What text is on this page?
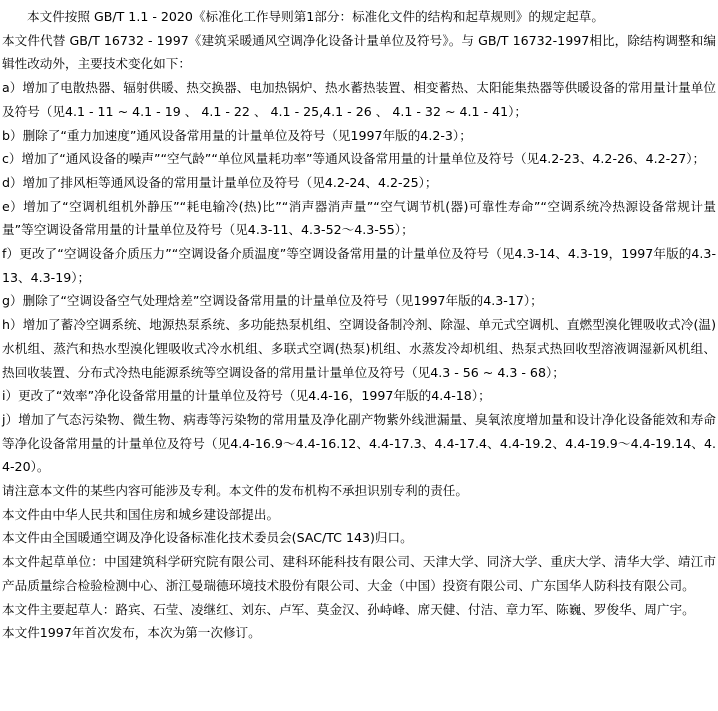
本文件按照 GB/T 1.1 - 2020《标准化工作导则第1部分：标准化文件的结构和起草规则》的规定起草。

本文件代替 GB/T 16732 - 1997《建筑采暖通风空调净化设备计量单位及符号》。与 GB/T 16732-1997相比，除结构调整和编辑性改动外，主要技术变化如下：

a）增加了电散热器、辐射供暖、热交换器、电加热锅炉、热水蓄热装置、相变蓄热、太阳能集热器等供暖设备的常用量计量单位及符号（见4.1 - 11 ~ 4.1 - 19 、 4.1 - 22 、 4.1 - 25,4.1 - 26 、 4.1 - 32 ~ 4.1 - 41）；

b）删除了“重力加速度”通风设备常用量的计量单位及符号（见1997年版的4.2-3）；

c）增加了“通风设备的噪声”“空气龄”“单位风量耗功率”等通风设备常用量的计量单位及符号（见4.2-23、4.2-26、4.2-27）；

d）增加了排风柜等通风设备的常用量计量单位及符号（见4.2-24、4.2-25）；

e）增加了“空调机组机外静压”“耗电输冷(热)比”“消声器消声量”“空气调节机(器)可靠性寿命”“空调系统冷热源设备常规计量量”等空调设备常用量的计量单位及符号（见4.3-11、4.3-52～4.3-55）；

f）更改了“空调设备介质压力”“空调设备介质温度”等空调设备常用量的计量单位及符号（见4.3-14、4.3-19，1997年版的4.3-13、4.3-19）；

g）删除了“空调设备空气处理焓差”空调设备常用量的计量单位及符号（见1997年版的4.3-17）；

h）增加了蓄冷空调系统、地源热泵系统、多功能热泵机组、空调设备制冷剂、除湿、单元式空调机、直燃型溴化锂吸收式冷(温)水机组、蒸汽和热水型溴化锂吸收式冷水机组、多联式空调(热泵)机组、水蒸发冷却机组、热泵式热回收型溶液调湿新风机组、热回收装置、分布式冷热电能源系统等空调设备的常用量计量单位及符号（见4.3 - 56 ~ 4.3 - 68）；

i）更改了“效率”净化设备常用量的计量单位及符号（见4.4-16，1997年版的4.4-18）；

j）增加了气态污染物、微生物、病毒等污染物的常用量及净化副产物紫外线泄漏量、臭氧浓度增加量和设计净化设备能效和寿命等净化设备常用量的计量单位及符号（见4.4-16.9～4.4-16.12、4.4-17.3、4.4-17.4、4.4-19.2、4.4-19.9～4.4-19.14、4.4-20）。

请注意本文件的某些内容可能涉及专利。本文件的发布机构不承担识别专利的责任。

本文件由中华人民共和国住房和城乡建设部提出。

本文件由全国暖通空调及净化设备标准化技术委员会(SAC/TC 143)归口。

本文件起草单位：中国建筑科学研究院有限公司、建科环能科技有限公司、天津大学、同济大学、重庆大学、清华大学、靖江市产品质量综合检验检测中心、浙江曼瑞德环境技术股份有限公司、大金（中国）投资有限公司、广东国华人防科技有限公司。

本文件主要起草人：路宾、石莹、凌继红、刘东、卢军、莫金汉、孙峙峰、席天健、付洁、章力军、陈巍、罗俊华、周广宇。

本文件1997年首次发布，本次为第一次修订。
